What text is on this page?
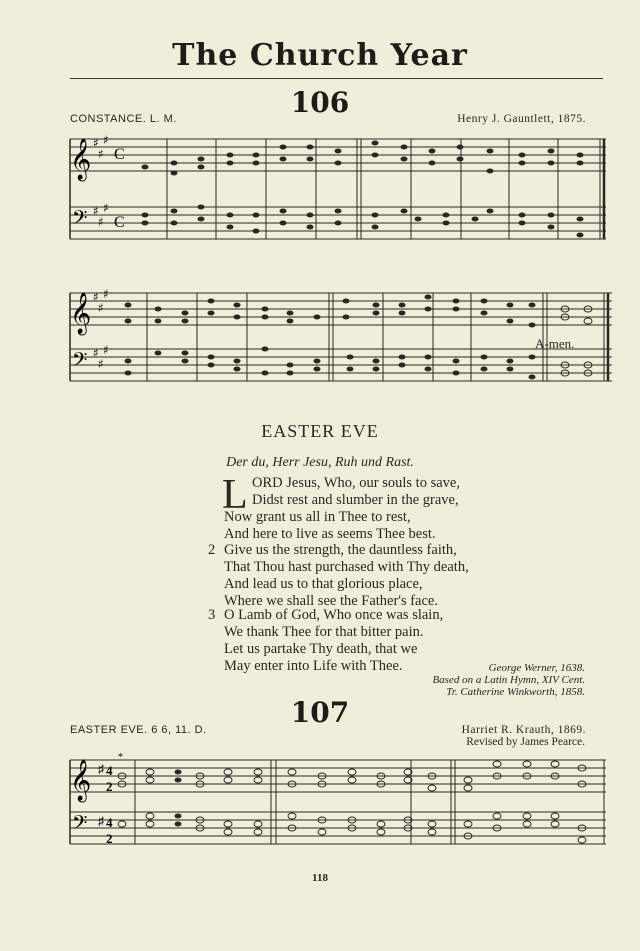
The Church Year
106
CONSTANCE. L. M.	Henry J. Gauntlett, 1875.
𝄞
𝄢
♯
♯
♯
♯
♯
♯
C
C
𝄞
𝄢
♯
♯
♯
♯
♯
♯	A-men.
EASTER EVE
Der du, Herr Jesu, Ruh und Rast.
L ORD Jesus, Who, our souls to save,
Didst rest and slumber in the grave,
Now grant us all in Thee to rest,
And here to live as seems Thee best.
2 Give us the strength, the dauntless faith,
That Thou hast purchased with Thy death,
And lead us to that glorious place,
Where we shall see the Father's face.
3 O Lamb of God, Who once was slain,
We thank Thee for that bitter pain.
Let us partake Thy death, that we
May enter into Life with Thee.	George Werner, 1638.
Based on a Latin Hymn, XIV Cent.
Tr. Catherine Winkworth, 1858.
107
EASTER EVE. 6 6, 11. D.	Harriet R. Krauth, 1869.
Revised by James Pearce.
𝄞
𝄢
♯
♯
4
2
4
2
*
118
